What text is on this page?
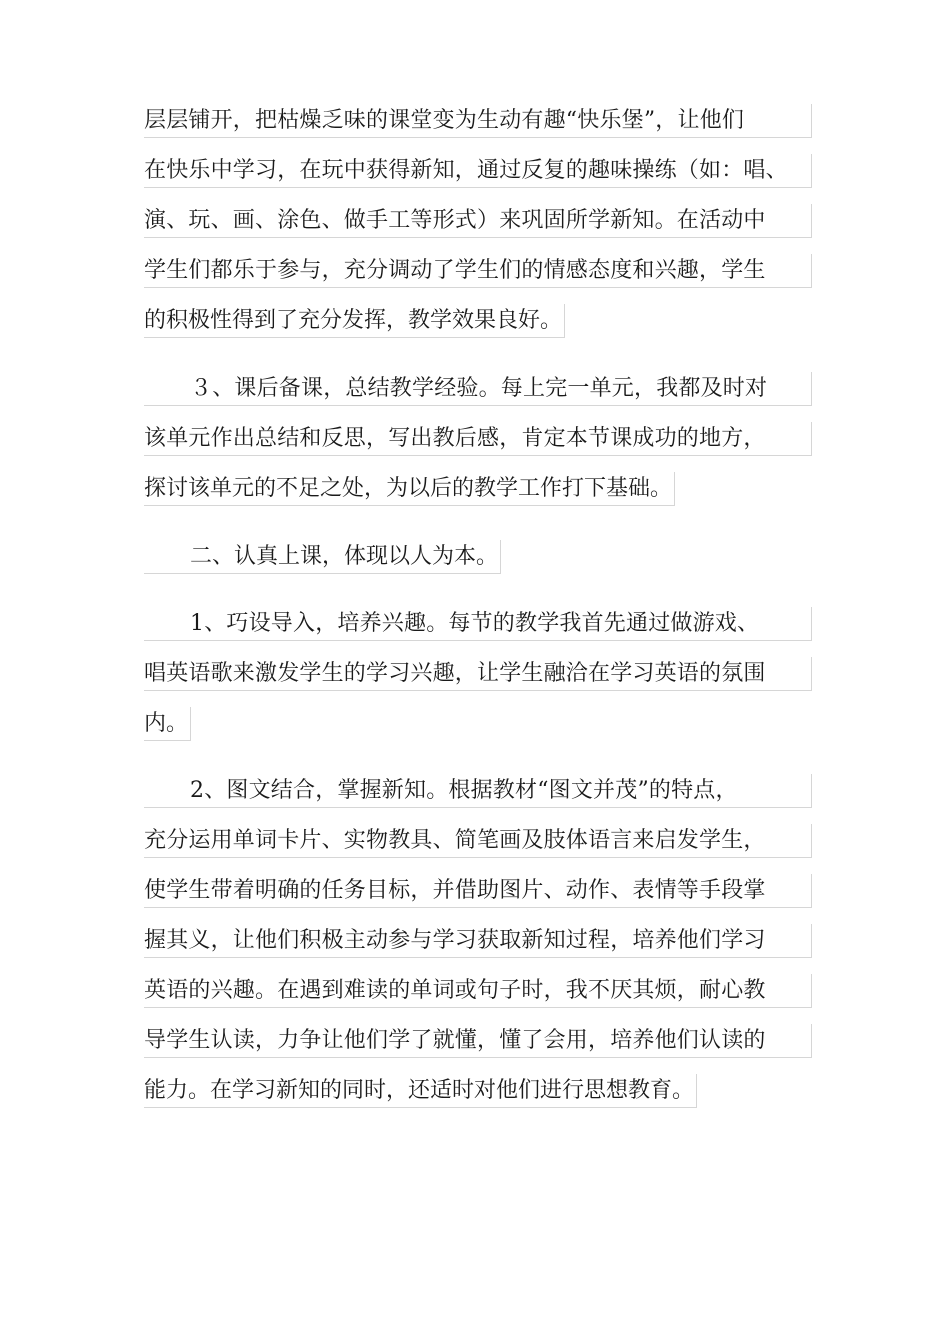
层层铺开，把枯燥乏味的课堂变为生动有趣“快乐堡”，让他们
在快乐中学习，在玩中获得新知，通过反复的趣味操练（如：唱、
演、玩、画、涂色、做手工等形式）来巩固所学新知。在活动中
学生们都乐于参与，充分调动了学生们的情感态度和兴趣，学生
的积极性得到了充分发挥，教学效果良好。
３、课后备课，总结教学经验。每上完一单元，我都及时对
该单元作出总结和反思，写出教后感，肯定本节课成功的地方，
探讨该单元的不足之处，为以后的教学工作打下基础。
二、认真上课，体现以人为本。
1、巧设导入，培养兴趣。每节的教学我首先通过做游戏、
唱英语歌来激发学生的学习兴趣，让学生融洽在学习英语的氛围
内。
2、图文结合，掌握新知。根据教材“图文并茂”的特点，
充分运用单词卡片、实物教具、简笔画及肢体语言来启发学生，
使学生带着明确的任务目标，并借助图片、动作、表情等手段掌
握其义，让他们积极主动参与学习获取新知过程，培养他们学习
英语的兴趣。在遇到难读的单词或句子时，我不厌其烦，耐心教
导学生认读，力争让他们学了就懂，懂了会用，培养他们认读的
能力。在学习新知的同时，还适时对他们进行思想教育。
